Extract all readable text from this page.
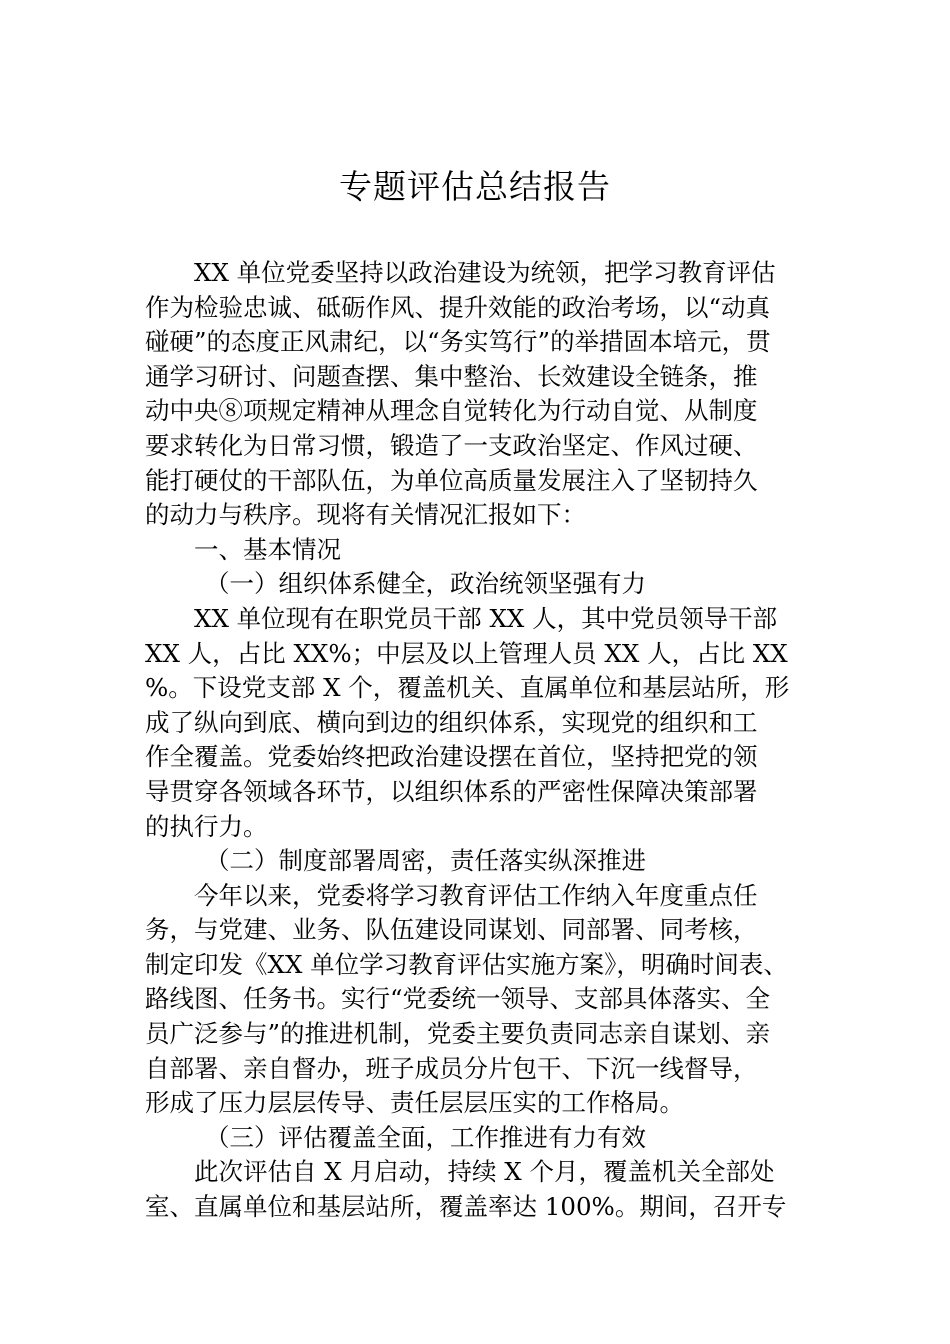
专题评估总结报告
XX 单位党委坚持以政治建设为统领，把学习教育评估
作为检验忠诚、砥砺作风、提升效能的政治考场，以“动真
碰硬”的态度正风肃纪，以“务实笃行”的举措固本培元，贯
通学习研讨、问题查摆、集中整治、长效建设全链条，推
动中央⑧项规定精神从理念自觉转化为行动自觉、从制度
要求转化为日常习惯，锻造了一支政治坚定、作风过硬、
能打硬仗的干部队伍，为单位高质量发展注入了坚韧持久
的动力与秩序。现将有关情况汇报如下：
一、基本情况
（一）组织体系健全，政治统领坚强有力
XX 单位现有在职党员干部 XX 人，其中党员领导干部
XX 人，占比 XX%；中层及以上管理人员 XX 人，占比 XX
%。下设党支部 X 个，覆盖机关、直属单位和基层站所，形
成了纵向到底、横向到边的组织体系，实现党的组织和工
作全覆盖。党委始终把政治建设摆在首位，坚持把党的领
导贯穿各领域各环节，以组织体系的严密性保障决策部署
的执行力。
（二）制度部署周密，责任落实纵深推进
今年以来，党委将学习教育评估工作纳入年度重点任
务，与党建、业务、队伍建设同谋划、同部署、同考核，
制定印发《XX 单位学习教育评估实施方案》，明确时间表、
路线图、任务书。实行“党委统一领导、支部具体落实、全
员广泛参与”的推进机制，党委主要负责同志亲自谋划、亲
自部署、亲自督办，班子成员分片包干、下沉一线督导，
形成了压力层层传导、责任层层压实的工作格局。
（三）评估覆盖全面，工作推进有力有效
此次评估自 X 月启动，持续 X 个月，覆盖机关全部处
室、直属单位和基层站所，覆盖率达 100%。期间，召开专
